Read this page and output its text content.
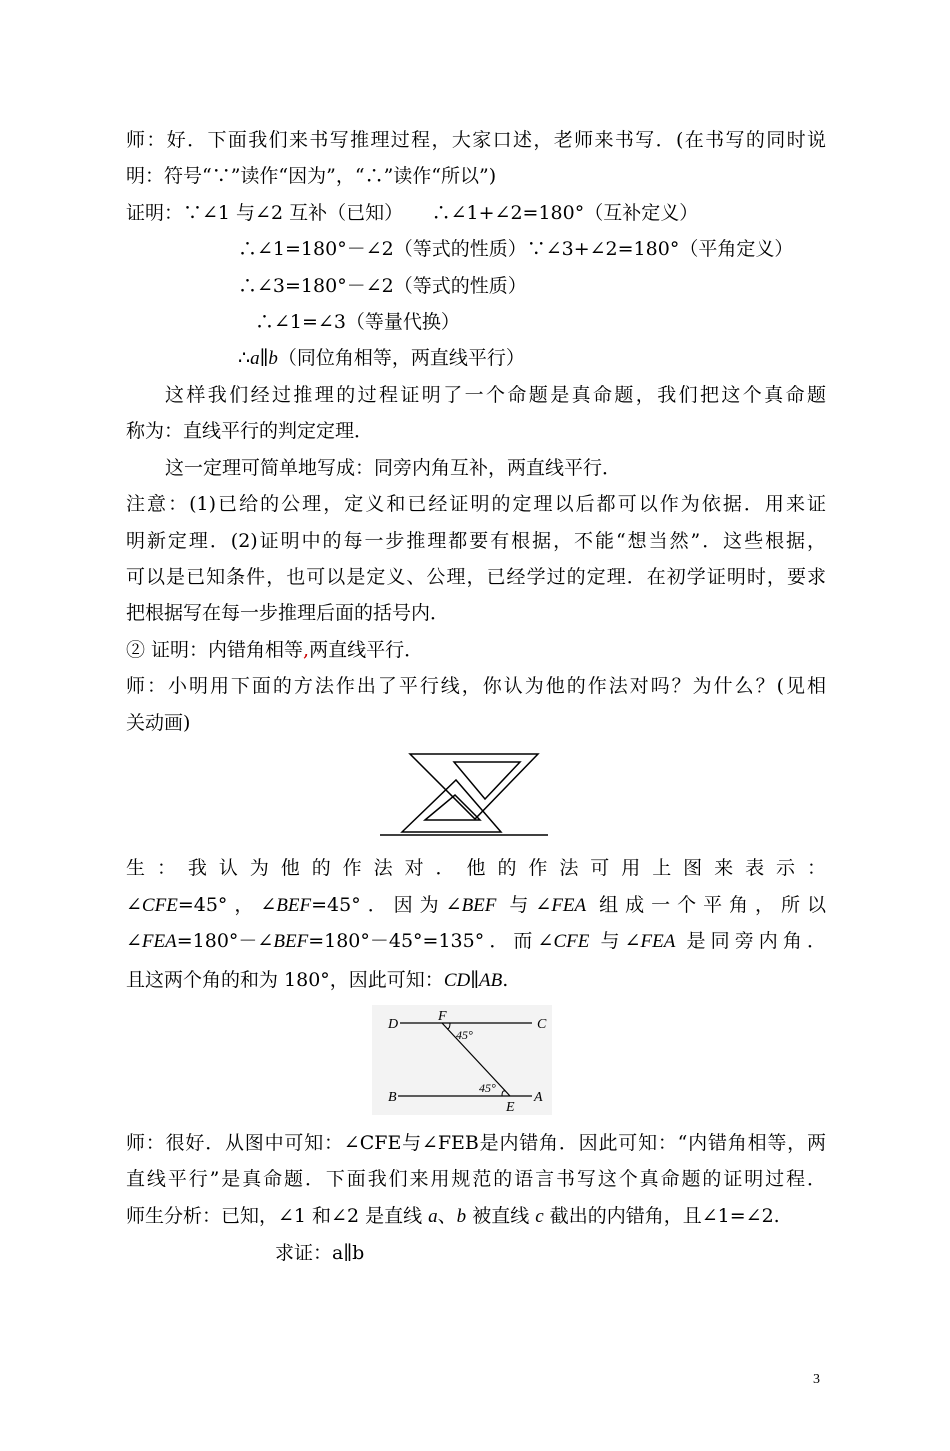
师：好．下面我们来书写推理过程，大家口述，老师来书写．(在书写的同时说
明：符号“∵”读作“因为”，“∴”读作“所以”)
证明：∵∠1 与∠2 互补（已知）　　∴∠1+∠2=180°（互补定义）
∴∠1=180°－∠2（等式的性质）∵∠3+∠2=180°（平角定义）
∴∠3=180°－∠2（等式的性质）
∴∠1=∠3（等量代换）
∴a∥b（同位角相等，两直线平行）
这样我们经过推理的过程证明了一个命题是真命题，我们把这个真命题
称为：直线平行的判定定理．
这一定理可简单地写成：同旁内角互补，两直线平行．
注意：(1)已给的公理，定义和已经证明的定理以后都可以作为依据．用来证
明新定理．(2)证明中的每一步推理都要有根据，不能“想当然”．这些根据，
可以是已知条件，也可以是定义、公理，已经学过的定理．在初学证明时，要求
把根据写在每一步推理后面的括号内．
② 证明：内错角相等,两直线平行．
师：小明用下面的方法作出了平行线，你认为他的作法对吗？为什么？(见相
关动画)
生：我认为他的作法对．他的作法可用上图来表示：
∠CFE=45°，∠BEF=45°．因为∠BEF 与∠FEA 组成一个平角，所以
∠FEA=180°－∠BEF=180°－45°=135°．而∠CFE 与∠FEA 是同旁内角．
且这两个角的和为 180°，因此可知：CD∥AB.
D
F
C
B
E
A
45°
45°
师：很好．从图中可知：∠CFE与∠FEB是内错角．因此可知：“内错角相等，两
直线平行”是真命题．下面我们来用规范的语言书写这个真命题的证明过程．
师生分析：已知，∠1 和∠2 是直线 a、b 被直线 c 截出的内错角，且∠1=∠2.
求证：a∥b
3
